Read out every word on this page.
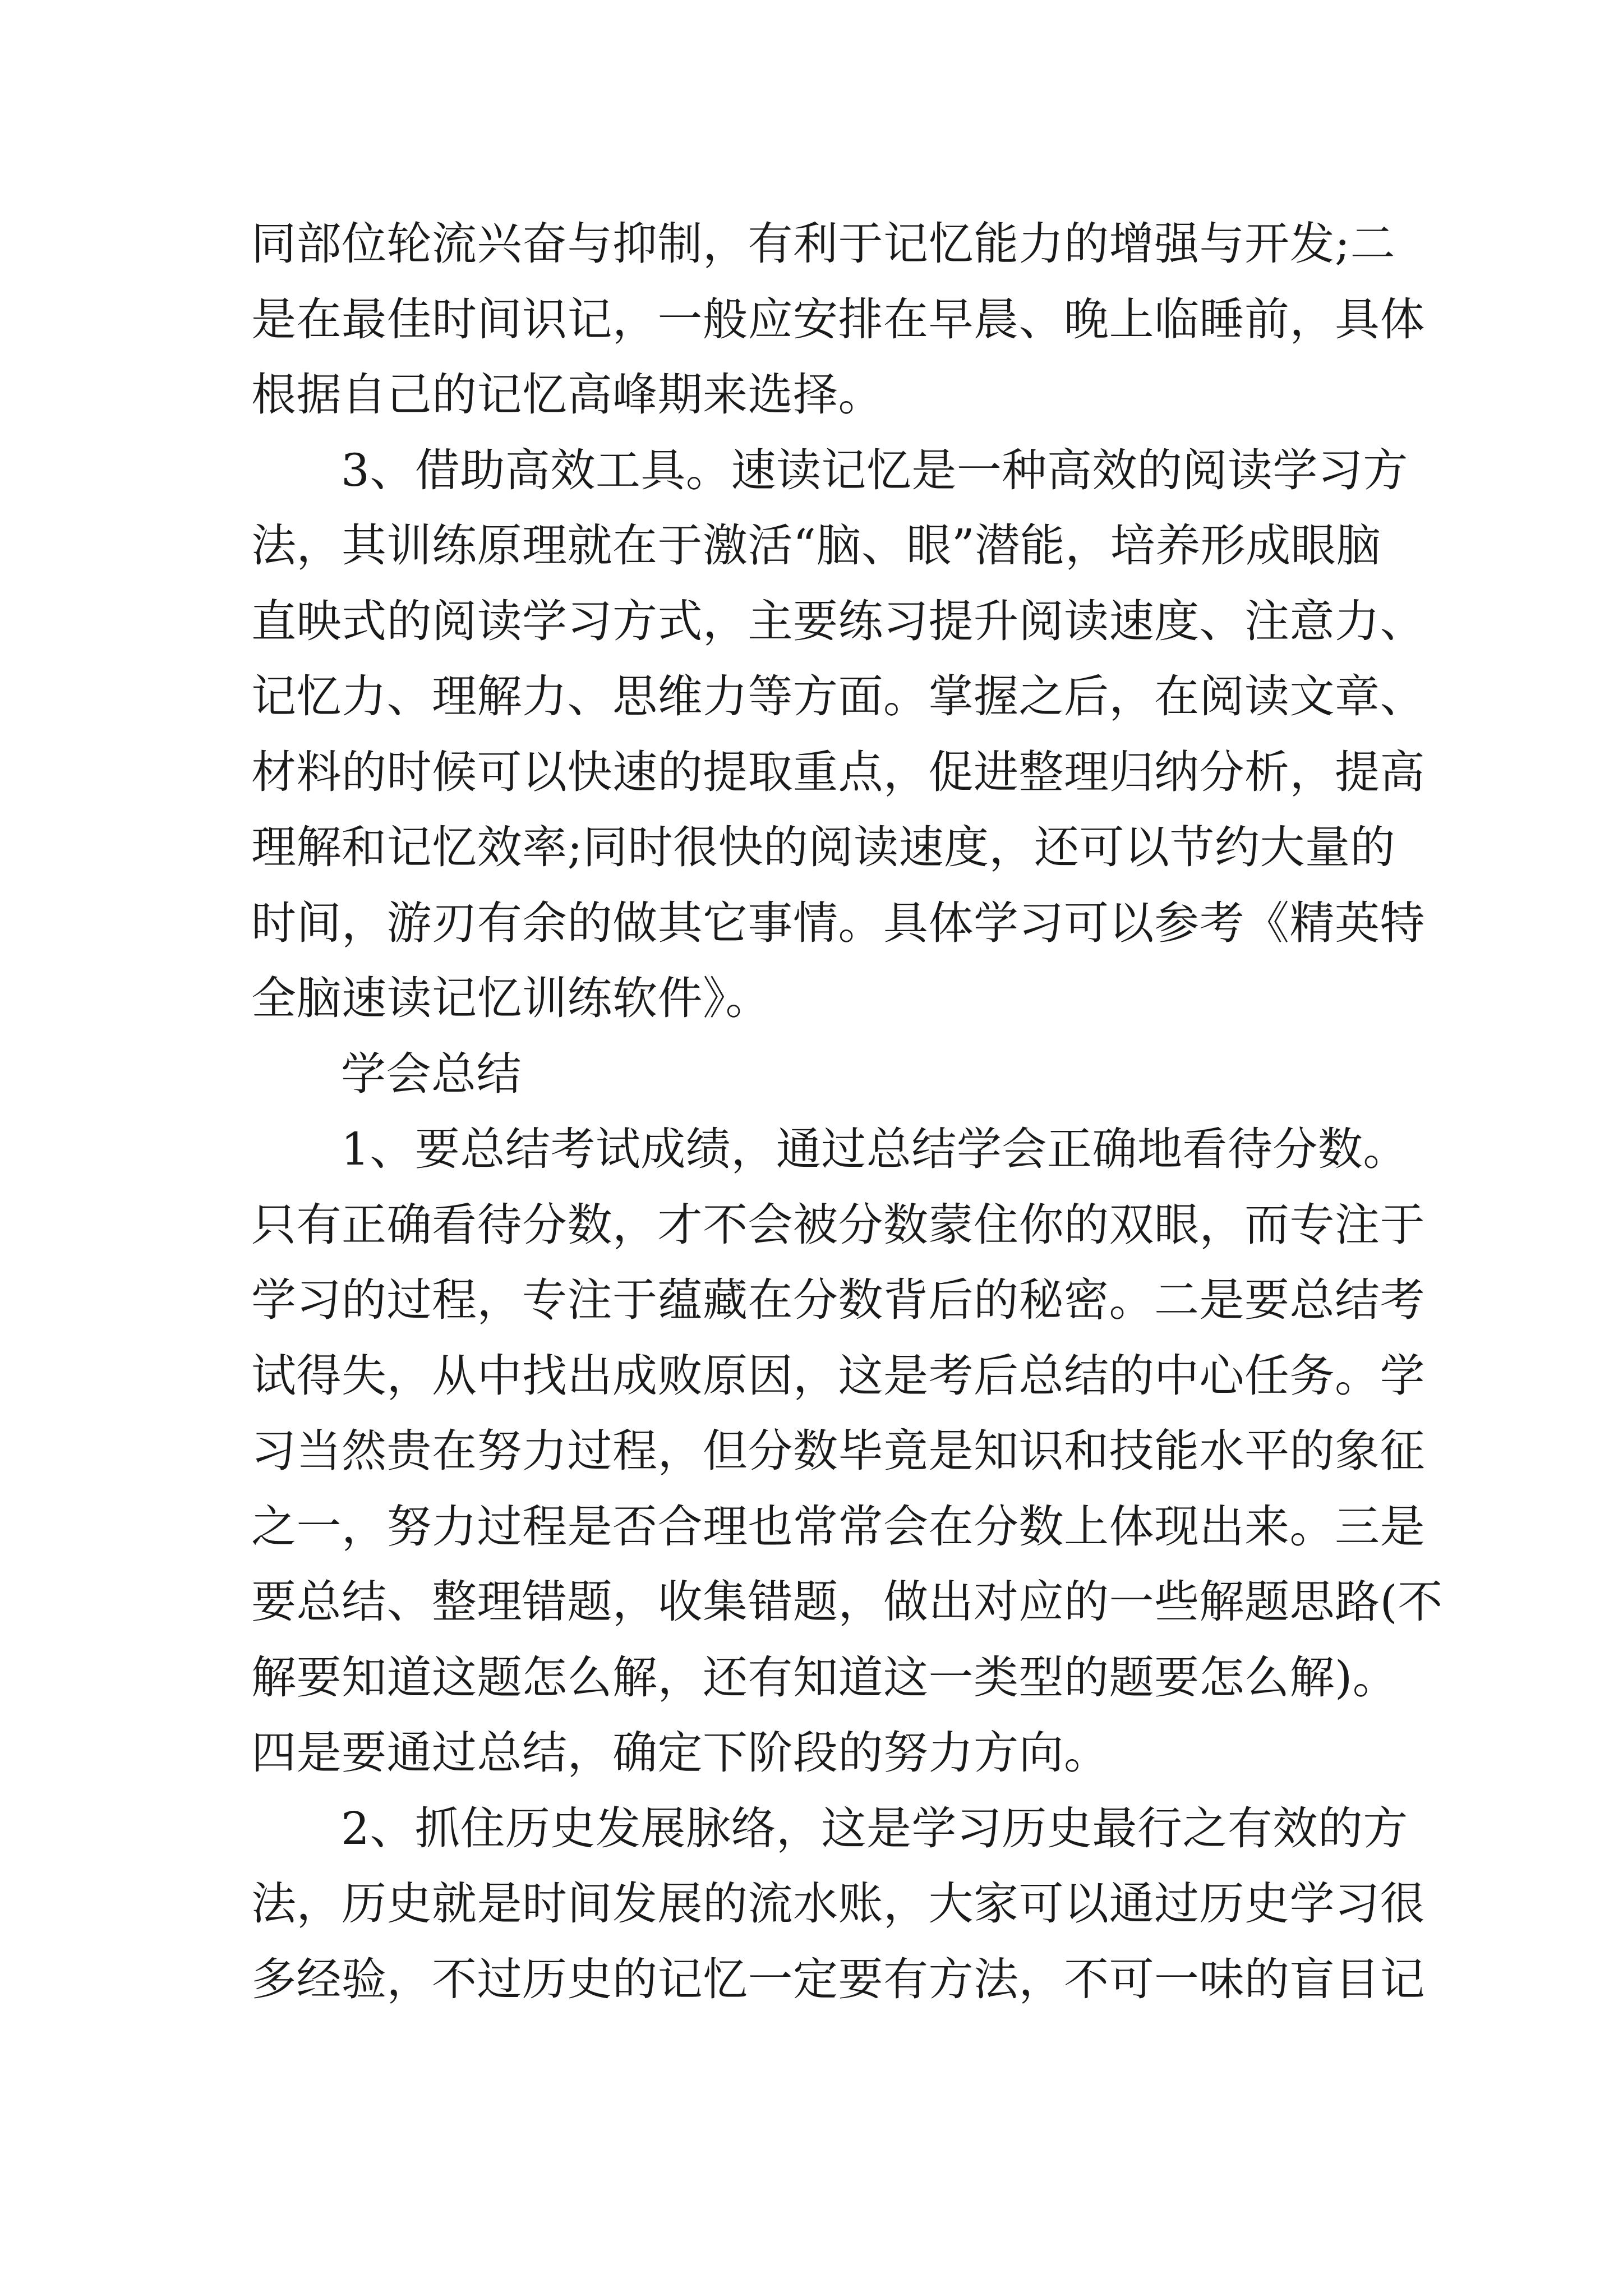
同部位轮流兴奋与抑制，有利于记忆能力的增强与开发;二
是在最佳时间识记，一般应安排在早晨、晚上临睡前，具体
根据自己的记忆高峰期来选择。
3、借助高效工具。速读记忆是一种高效的阅读学习方
法，其训练原理就在于激活“脑、眼”潜能，培养形成眼脑
直映式的阅读学习方式，主要练习提升阅读速度、注意力、
记忆力、理解力、思维力等方面。掌握之后，在阅读文章、
材料的时候可以快速的提取重点，促进整理归纳分析，提高
理解和记忆效率;同时很快的阅读速度，还可以节约大量的
时间，游刃有余的做其它事情。具体学习可以参考《精英特
全脑速读记忆训练软件》。
学会总结
1、要总结考试成绩，通过总结学会正确地看待分数。
只有正确看待分数，才不会被分数蒙住你的双眼，而专注于
学习的过程，专注于蕴藏在分数背后的秘密。二是要总结考
试得失，从中找出成败原因，这是考后总结的中心任务。学
习当然贵在努力过程，但分数毕竟是知识和技能水平的象征
之一，努力过程是否合理也常常会在分数上体现出来。三是
要总结、整理错题，收集错题，做出对应的一些解题思路(不
解要知道这题怎么解，还有知道这一类型的题要怎么解)。
四是要通过总结，确定下阶段的努力方向。
2、抓住历史发展脉络，这是学习历史最行之有效的方
法，历史就是时间发展的流水账，大家可以通过历史学习很
多经验，不过历史的记忆一定要有方法，不可一味的盲目记
